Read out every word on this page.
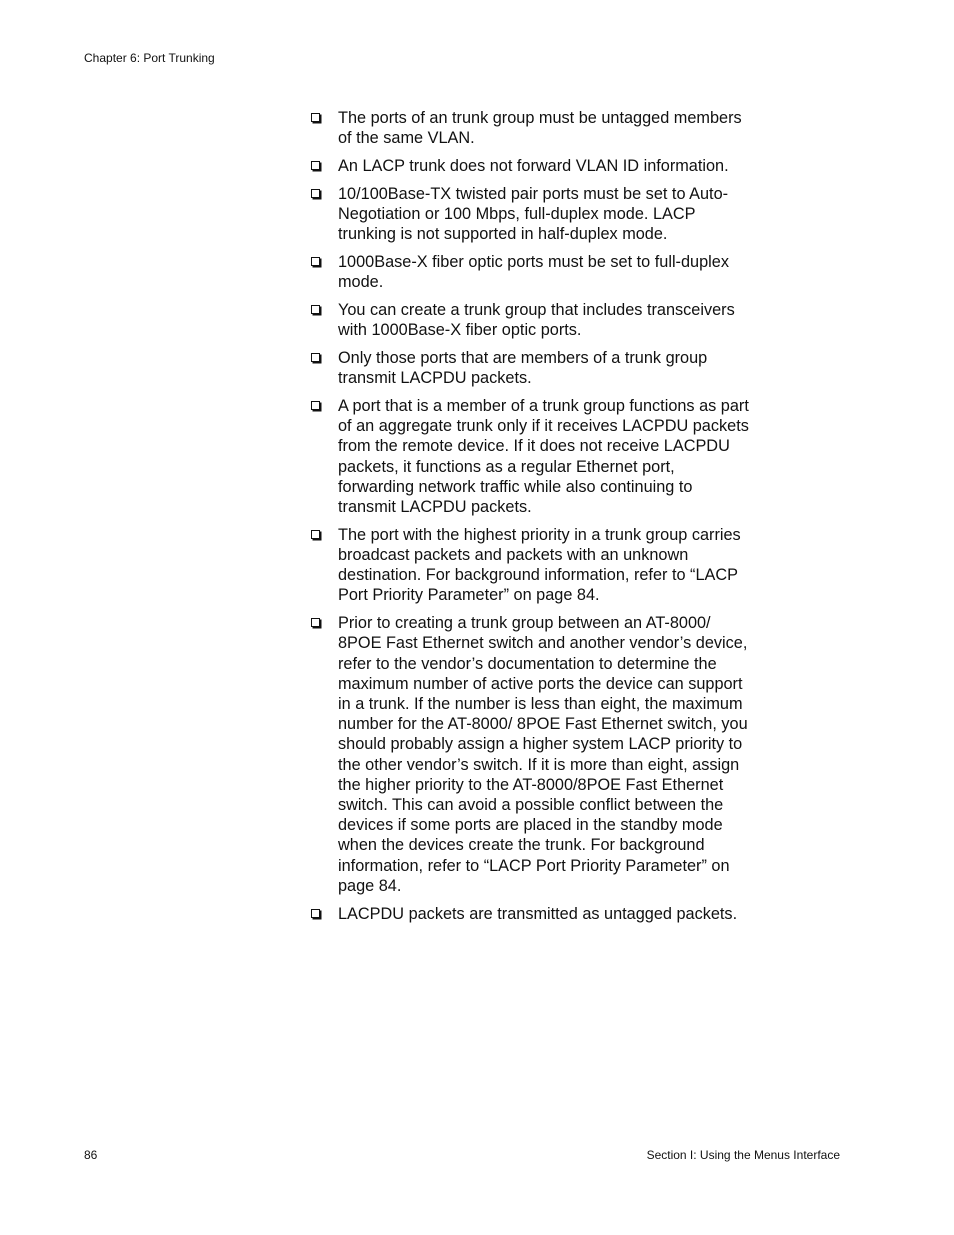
Chapter 6: Port Trunking
The ports of an trunk group must be untagged members of the same VLAN.
An LACP trunk does not forward VLAN ID information.
10/100Base-TX twisted pair ports must be set to Auto-Negotiation or 100 Mbps, full-duplex mode. LACP trunking is not supported in half-duplex mode.
1000Base-X fiber optic ports must be set to full-duplex mode.
You can create a trunk group that includes transceivers with 1000Base-X fiber optic ports.
Only those ports that are members of a trunk group transmit LACPDU packets.
A port that is a member of a trunk group functions as part of an aggregate trunk only if it receives LACPDU packets from the remote device. If it does not receive LACPDU packets, it functions as a regular Ethernet port, forwarding network traffic while also continuing to transmit LACPDU packets.
The port with the highest priority in a trunk group carries broadcast packets and packets with an unknown destination. For background information, refer to “LACP Port Priority Parameter” on page 84.
Prior to creating a trunk group between an AT-8000/ 8POE Fast Ethernet switch and another vendor’s device, refer to the vendor’s documentation to determine the maximum number of active ports the device can support in a trunk. If the number is less than eight, the maximum number for the AT-8000/ 8POE Fast Ethernet switch, you should probably assign a higher system LACP priority to the other vendor’s switch. If it is more than eight, assign the higher priority to the AT-8000/8POE Fast Ethernet switch. This can avoid a possible conflict between the devices if some ports are placed in the standby mode when the devices create the trunk. For background information, refer to “LACP Port Priority Parameter” on page 84.
LACPDU packets are transmitted as untagged packets.
86	Section I: Using the Menus Interface
